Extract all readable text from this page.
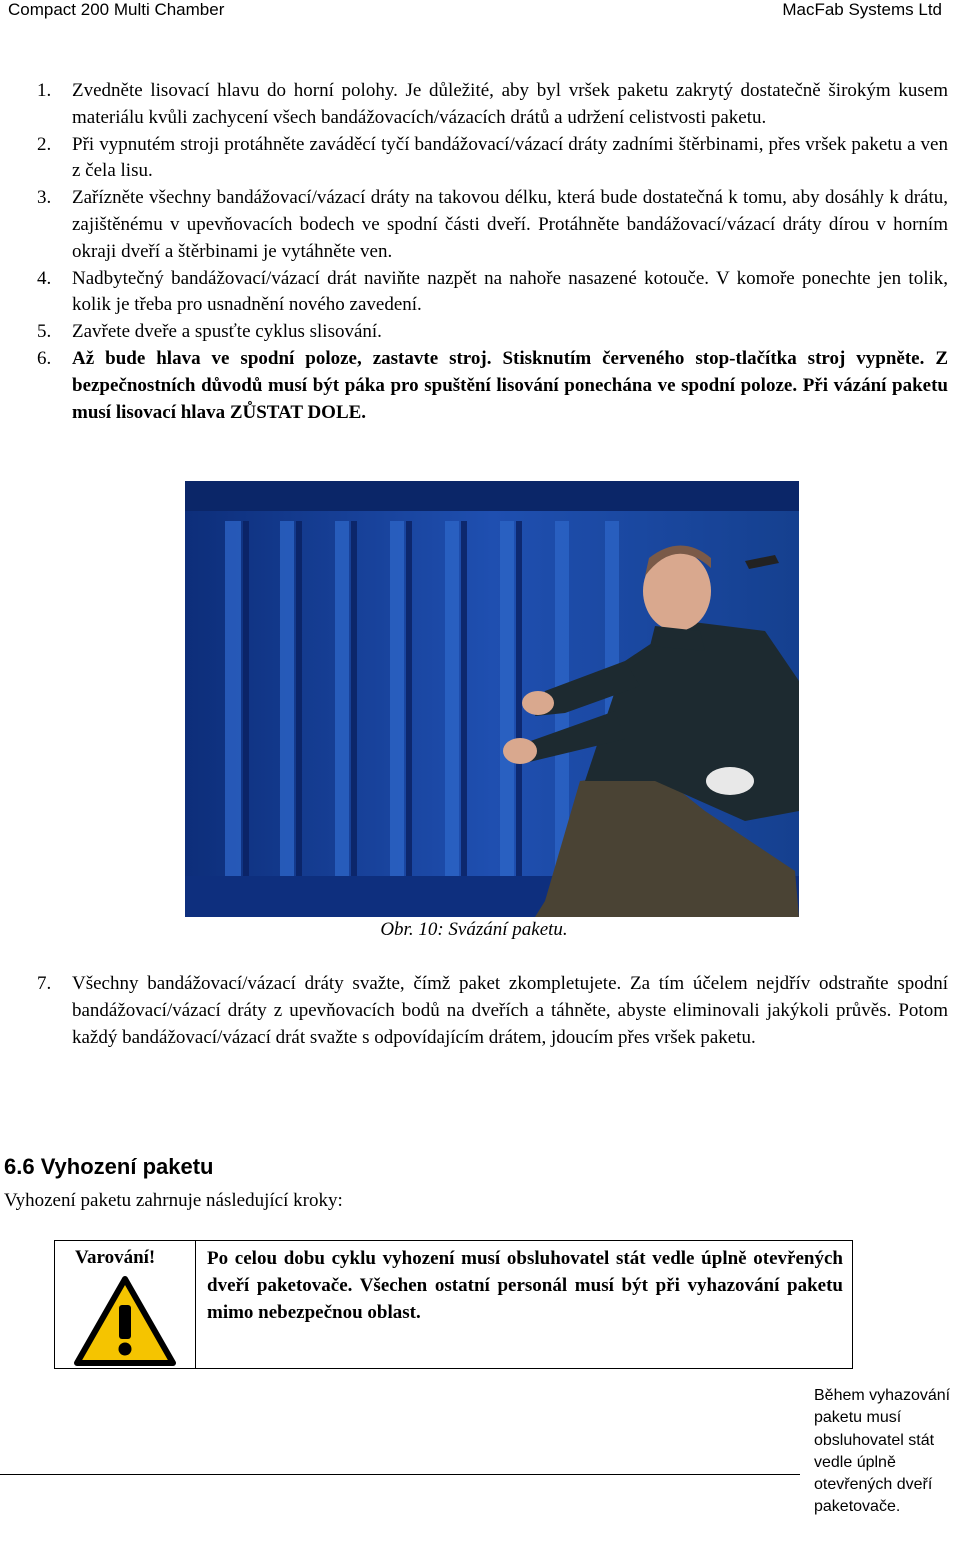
Compact 200 Multi Chamber	MacFab Systems Ltd
1. Zvedněte lisovací hlavu do horní polohy. Je důležité, aby byl vršek paketu zakrytý dostatečně širokým kusem materiálu kvůli zachycení všech bandážovacích/vázacích drátů a udržení celistvosti paketu.
2. Při vypnutém stroji protáhněte zaváděcí tyčí bandážovací/vázací dráty zadními štěrbinami, přes vršek paketu a ven z čela lisu.
3. Zařízněte všechny bandážovací/vázací dráty na takovou délku, která bude dostatečná k tomu, aby dosáhly k drátu, zajištěnému v upevňovacích bodech ve spodní části dveří. Protáhněte bandážovací/vázací dráty dírou v horním okraji dveří a štěrbinami je vytáhněte ven.
4. Nadbytečný bandážovací/vázací drát naviňte nazpět na nahoře nasazené kotouče. V komoře ponechte jen tolik, kolik je třeba pro usnadnění nového zavedení.
5. Zavřete dveře a spusťte cyklus slisování.
6. Až bude hlava ve spodní poloze, zastavte stroj. Stisknutím červeného stop-tlačítka stroj vypněte. Z bezpečnostních důvodů musí být páka pro spuštění lisování ponechána ve spodní poloze. Při vázání paketu musí lisovací hlava ZŮSTAT DOLE.
Obr. 10: Svázání paketu.
7. Všechny bandážovací/vázací dráty svažte, čímž paket zkompletujete. Za tím účelem nejdřív odstraňte spodní bandážovací/vázací dráty z upevňovacích bodů na dveřích a táhněte, abyste eliminovali jakýkoli průvěs. Potom každý bandážovací/vázací drát svažte s odpovídajícím drátem, jdoucím přes vršek paketu.
6.6 Vyhození paketu
Vyhození paketu zahrnuje následující kroky:
Varování!	Po celou dobu cyklu vyhození musí obsluhovatel stát vedle úplně otevřených dveří paketovače. Všechen ostatní personál musí být při vyhazování paketu mimo nebezpečnou oblast.
Během vyhazování paketu musí obsluhovatel stát vedle úplně otevřených dveří paketovače.
